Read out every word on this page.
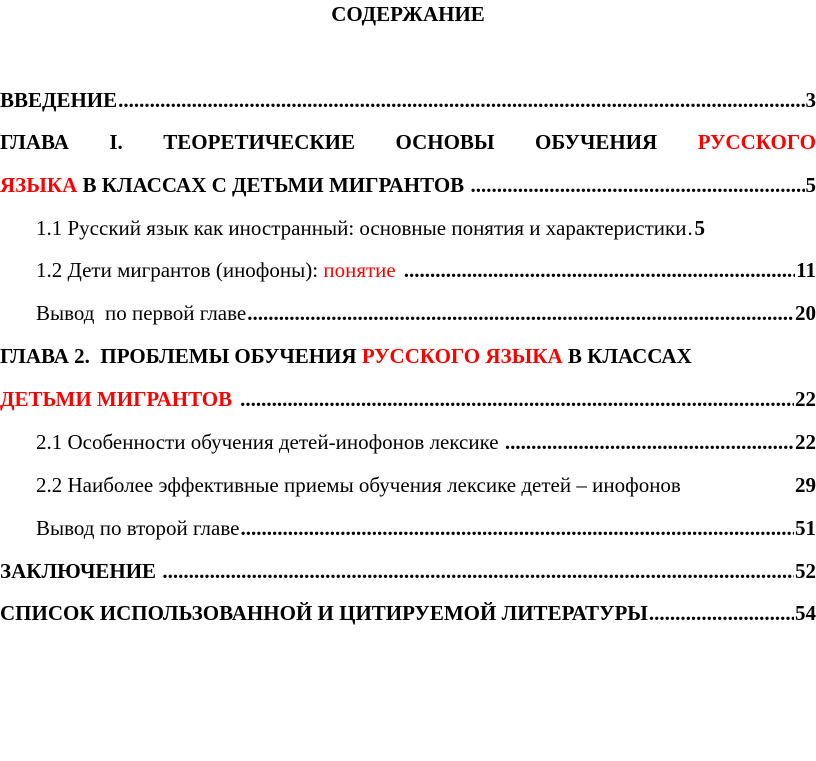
СОДЕРЖАНИЕ
ВВЕДЕНИЕ .....	3
ГЛАВА I. ТЕОРЕТИЧЕСКИЕ ОСНОВЫ ОБУЧЕНИЯ РУССКОГО
ЯЗЫКА В КЛАССАХ С ДЕТЬМИ МИГРАНТОВ .....	5
1.1 Русский язык как иностранный: основные понятия и характеристики ..... 5
1.2 Дети мигрантов (инофоны): понятие .....	11
Вывод  по первой главе .....	20
ГЛАВА 2.  ПРОБЛЕМЫ ОБУЧЕНИЯ РУССКОГО ЯЗЫКА В КЛАССАХ
ДЕТЬМИ МИГРАНТОВ .....	22
2.1 Особенности обучения детей-инофонов лексике .....	22
2.2 Наиболее эффективные приемы обучения лексике детей – инофонов	29
Вывод по второй главе .....	51
ЗАКЛЮЧЕНИЕ .....	52
СПИСОК ИСПОЛЬЗОВАННОЙ И ЦИТИРУЕМОЙ ЛИТЕРАТУРЫ .....	54
